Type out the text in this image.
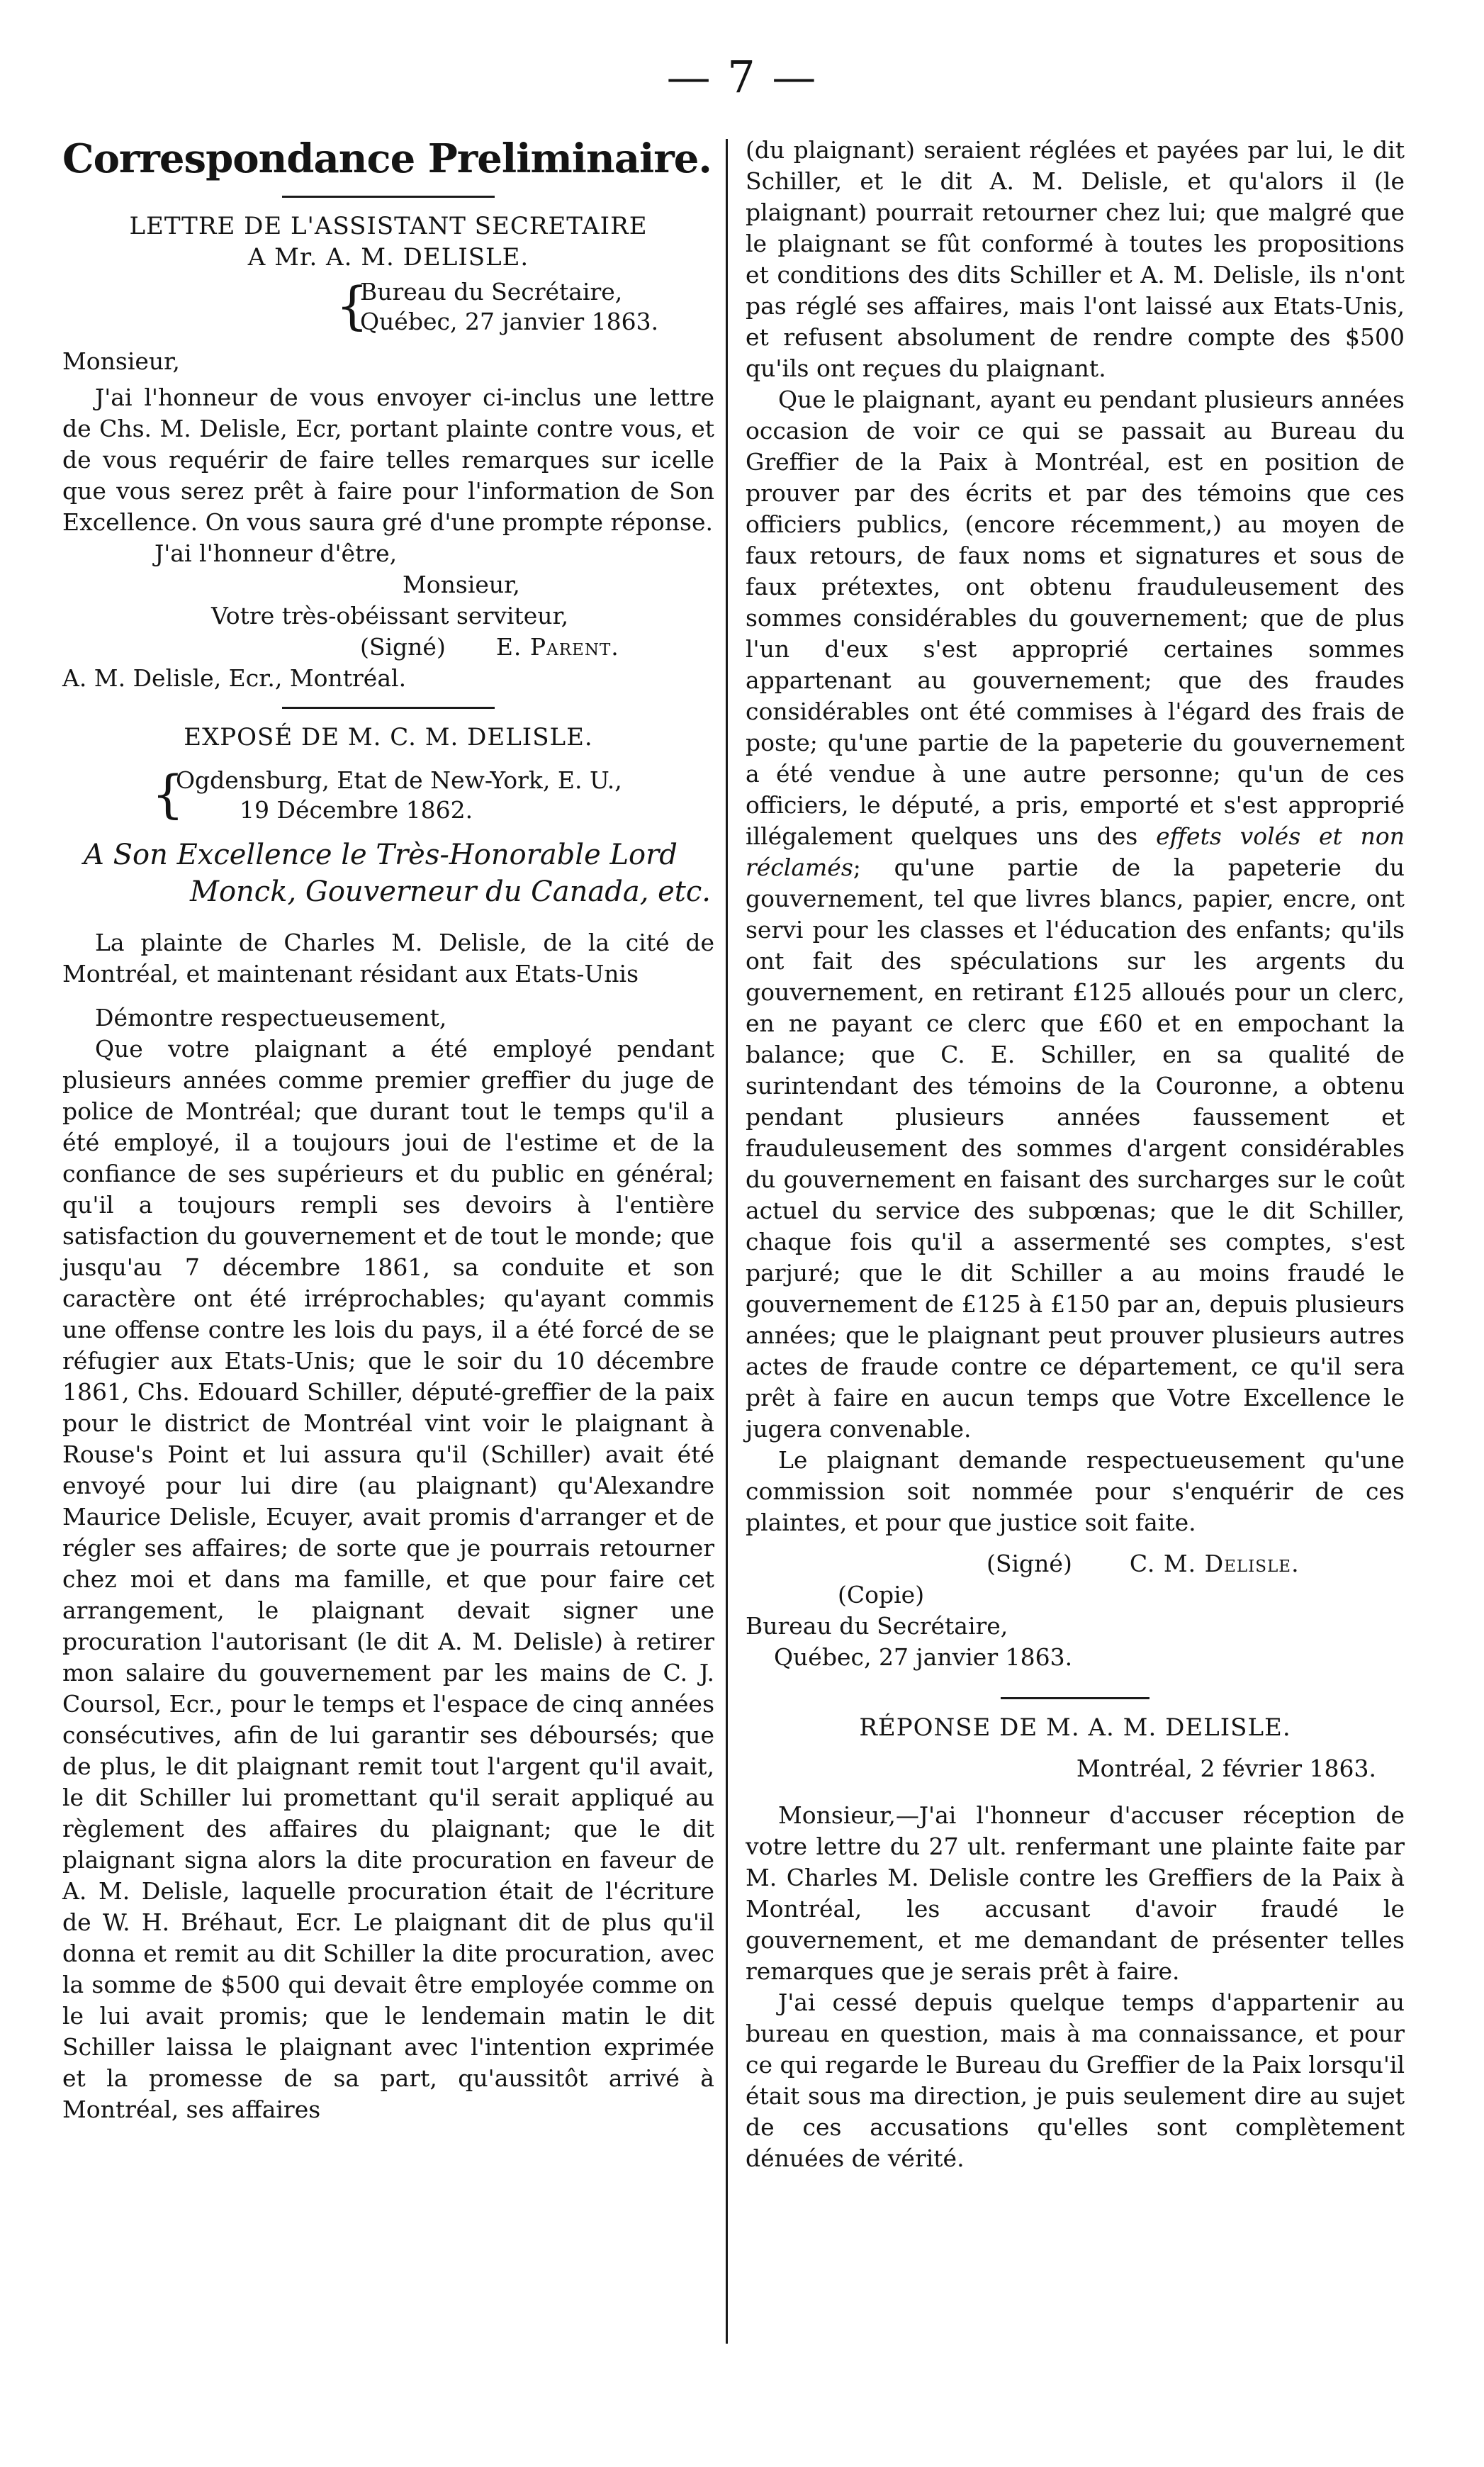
— 7 —
Correspondance Preliminaire.

LETTRE DE L'ASSISTANT SECRETAIRE

A Mr. A. M. DELISLE.

{
Bureau du Secrétaire,
Québec, 27 janvier 1863.

Monsieur,

J'ai l'honneur de vous envoyer ci-inclus une lettre de Chs. M. Delisle, Ecr, portant plainte contre vous, et de vous requérir de faire telles remarques sur icelle que vous serez prêt à faire pour l'information de Son Excellence. On vous saura gré d'une prompte réponse.

J'ai l'honneur d'être,

Monsieur,

Votre très-obéissant serviteur,

(Signé) E. Parent.

A. M. Delisle, Ecr., Montréal.

EXPOSÉ DE M. C. M. DELISLE.

{
Ogdensburg, Etat de New-York, E. U.,
19 Décembre 1862.
A Son Excellence le Très-Honorable Lord
Monck, Gouverneur du Canada, etc.

La plainte de Charles M. Delisle, de la cité de Montréal, et maintenant résidant aux Etats-Unis

Démontre respectueusement,

Que votre plaignant a été employé pendant plusieurs années comme premier greffier du juge de police de Montréal; que durant tout le temps qu'il a été employé, il a toujours joui de l'estime et de la confiance de ses supérieurs et du public en général; qu'il a toujours rempli ses devoirs à l'entière satisfaction du gouvernement et de tout le monde; que jusqu'au 7 décembre 1861, sa conduite et son caractère ont été irréprochables; qu'ayant commis une offense contre les lois du pays, il a été forcé de se réfugier aux Etats-Unis; que le soir du 10 décembre 1861, Chs. Edouard Schiller, député-greffier de la paix pour le district de Montréal vint voir le plaignant à Rouse's Point et lui assura qu'il (Schiller) avait été envoyé pour lui dire (au plaignant) qu'Alexandre Maurice Delisle, Ecuyer, avait promis d'arranger et de régler ses affaires; de sorte que je pourrais retourner chez moi et dans ma famille, et que pour faire cet arrangement, le plaignant devait signer une procuration l'autorisant (le dit A. M. Delisle) à retirer mon salaire du gouvernement par les mains de C. J. Coursol, Ecr., pour le temps et l'espace de cinq années consécutives, afin de lui garantir ses déboursés; que de plus, le dit plaignant remit tout l'argent qu'il avait, le dit Schiller lui promettant qu'il serait appliqué au règlement des affaires du plaignant; que le dit plaignant signa alors la dite procuration en faveur de A. M. Delisle, laquelle procuration était de l'écriture de W. H. Bréhaut, Ecr. Le plaignant dit de plus qu'il donna et remit au dit Schiller la dite procuration, avec la somme de $500 qui devait être employée comme on le lui avait promis; que le lendemain matin le dit Schiller laissa le plaignant avec l'intention exprimée et la promesse de sa part, qu'aussitôt arrivé à Montréal, ses affaires

(du plaignant) seraient réglées et payées par lui, le dit Schiller, et le dit A. M. Delisle, et qu'alors il (le plaignant) pourrait retourner chez lui; que malgré que le plaignant se fût conformé à toutes les propositions et conditions des dits Schiller et A. M. Delisle, ils n'ont pas réglé ses affaires, mais l'ont laissé aux Etats-Unis, et refusent absolument de rendre compte des $500 qu'ils ont reçues du plaignant.

Que le plaignant, ayant eu pendant plusieurs années occasion de voir ce qui se passait au Bureau du Greffier de la Paix à Montréal, est en position de prouver par des écrits et par des témoins que ces officiers publics, (encore récemment,) au moyen de faux retours, de faux noms et signatures et sous de faux prétextes, ont obtenu frauduleusement des sommes considérables du gouvernement; que de plus l'un d'eux s'est approprié certaines sommes appartenant au gouvernement; que des fraudes considérables ont été commises à l'égard des frais de poste; qu'une partie de la papeterie du gouvernement a été vendue à une autre personne; qu'un de ces officiers, le député, a pris, emporté et s'est approprié illégalement quelques uns des effets volés et non réclamés; qu'une partie de la papeterie du gouvernement, tel que livres blancs, papier, encre, ont servi pour les classes et l'éducation des enfants; qu'ils ont fait des spéculations sur les argents du gouvernement, en retirant £125 alloués pour un clerc, en ne payant ce clerc que £60 et en empochant la balance; que C. E. Schiller, en sa qualité de surintendant des témoins de la Couronne, a obtenu pendant plusieurs années faussement et frauduleusement des sommes d'argent considérables du gouvernement en faisant des surcharges sur le coût actuel du service des subpœnas; que le dit Schiller, chaque fois qu'il a assermenté ses comptes, s'est parjuré; que le dit Schiller a au moins fraudé le gouvernement de £125 à £150 par an, depuis plusieurs années; que le plaignant peut prouver plusieurs autres actes de fraude contre ce département, ce qu'il sera prêt à faire en aucun temps que Votre Excellence le jugera convenable.

Le plaignant demande respectueusement qu'une commission soit nommée pour s'enquérir de ces plaintes, et pour que justice soit faite.

(Signé) C. M. Delisle.

(Copie)

Bureau du Secrétaire,

Québec, 27 janvier 1863.

RÉPONSE DE M. A. M. DELISLE.

Montréal, 2 février 1863.

Monsieur,—J'ai l'honneur d'accuser réception de votre lettre du 27 ult. renfermant une plainte faite par M. Charles M. Delisle contre les Greffiers de la Paix à Montréal, les accusant d'avoir fraudé le gouvernement, et me demandant de présenter telles remarques que je serais prêt à faire.

J'ai cessé depuis quelque temps d'appartenir au bureau en question, mais à ma connaissance, et pour ce qui regarde le Bureau du Greffier de la Paix lorsqu'il était sous ma direction, je puis seulement dire au sujet de ces accusations qu'elles sont complètement dénuées de vérité.
